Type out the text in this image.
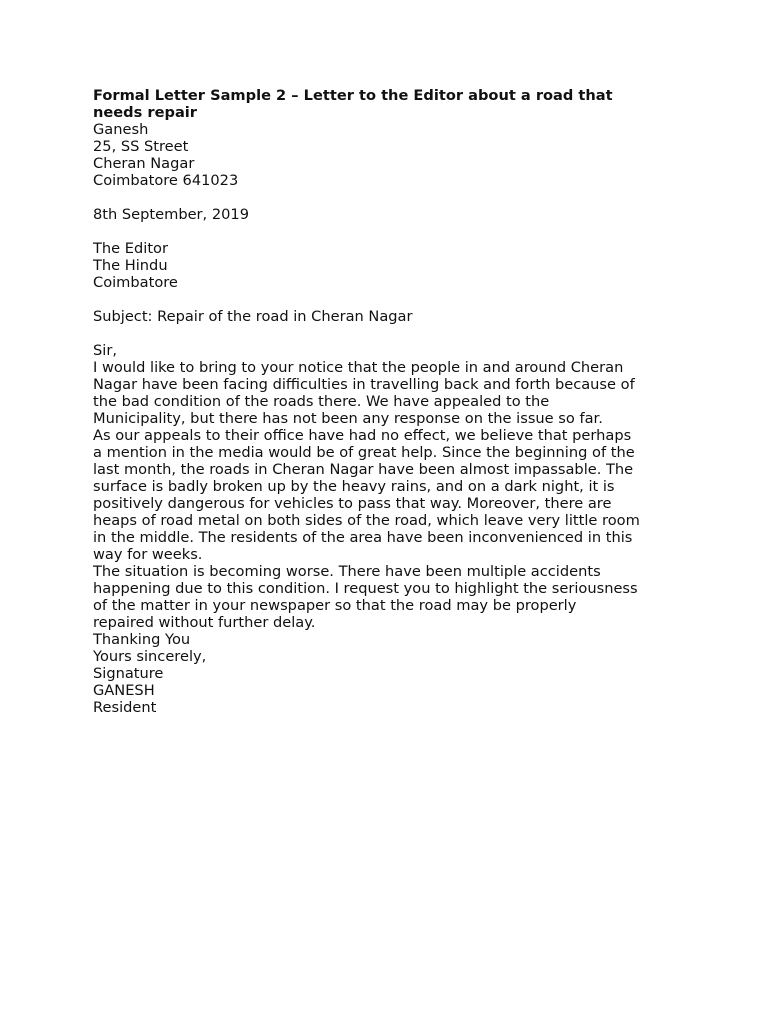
Formal Letter Sample 2 – Letter to the Editor about a road that
needs repair
Ganesh
25, SS Street
Cheran Nagar
Coimbatore 641023
8th September, 2019
The Editor
The Hindu
Coimbatore
Subject: Repair of the road in Cheran Nagar
Sir,
I would like to bring to your notice that the people in and around Cheran
Nagar have been facing difficulties in travelling back and forth because of
the bad condition of the roads there. We have appealed to the
Municipality, but there has not been any response on the issue so far.
As our appeals to their office have had no effect, we believe that perhaps
a mention in the media would be of great help. Since the beginning of the
last month, the roads in Cheran Nagar have been almost impassable. The
surface is badly broken up by the heavy rains, and on a dark night, it is
positively dangerous for vehicles to pass that way. Moreover, there are
heaps of road metal on both sides of the road, which leave very little room
in the middle. The residents of the area have been inconvenienced in this
way for weeks.
The situation is becoming worse. There have been multiple accidents
happening due to this condition. I request you to highlight the seriousness
of the matter in your newspaper so that the road may be properly
repaired without further delay.
Thanking You
Yours sincerely,
Signature
GANESH
Resident
